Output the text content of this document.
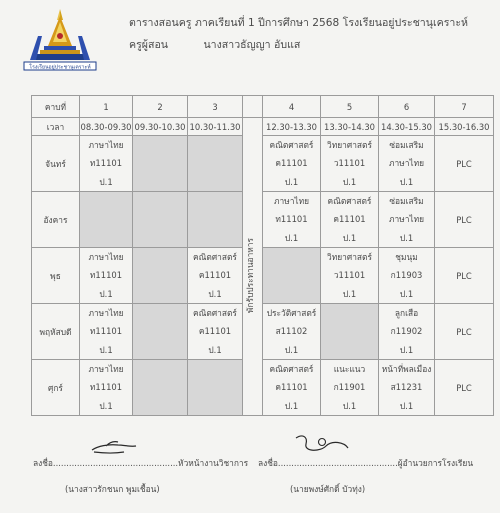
โรงเรียนอยู่ประชานุเคราะห์
ตารางสอนครู ภาคเรียนที่ 1 ปีการศึกษา 2568 โรงเรียนอยู่ประชานุเคราะห์
ครูผู้สอน	นางสาวธัญญา อับแส
คาบที่	1	2	3		4	5	6	7
เวลา	08.30-09.30	09.30-10.30	10.30-11.30		12.30-13.30	13.30-14.30	14.30-15.30	15.30-16.30
จันทร์	ภาษาไทย
ท11101
ป.1			พักรับประทานอาหาร	คณิตศาสตร์
ค11101
ป.1	วิทยาศาสตร์
ว11101
ป.1	ซ่อมเสริม
ภาษาไทย
ป.1	PLC
อังคาร					ภาษาไทย
ท11101
ป.1	คณิตศาสตร์
ค11101
ป.1	ซ่อมเสริม
ภาษาไทย
ป.1	PLC
พุธ	ภาษาไทย
ท11101
ป.1		คณิตศาสตร์
ค11101
ป.1			วิทยาศาสตร์
ว11101
ป.1	ชุมนุม
ก11903
ป.1	PLC
พฤหัสบดี	ภาษาไทย
ท11101
ป.1		คณิตศาสตร์
ค11101
ป.1		ประวัติศาสตร์
ส11102
ป.1		ลูกเสือ
ก11902
ป.1	PLC
ศุกร์	ภาษาไทย
ท11101
ป.1				คณิตศาสตร์
ค11101
ป.1	แนะแนว
ก11901
ป.1	หน้าที่พลเมือง
ส11231
ป.1	PLC
ลงชื่อ...............................................หัวหน้างานวิชาการ
(นางสาวรักชนก พูมเชื้อน)
ลงชื่อ.............................................ผู้อำนวยการโรงเรียน
(นายพงษ์ศักดิ์ บัวทุ่ง)
